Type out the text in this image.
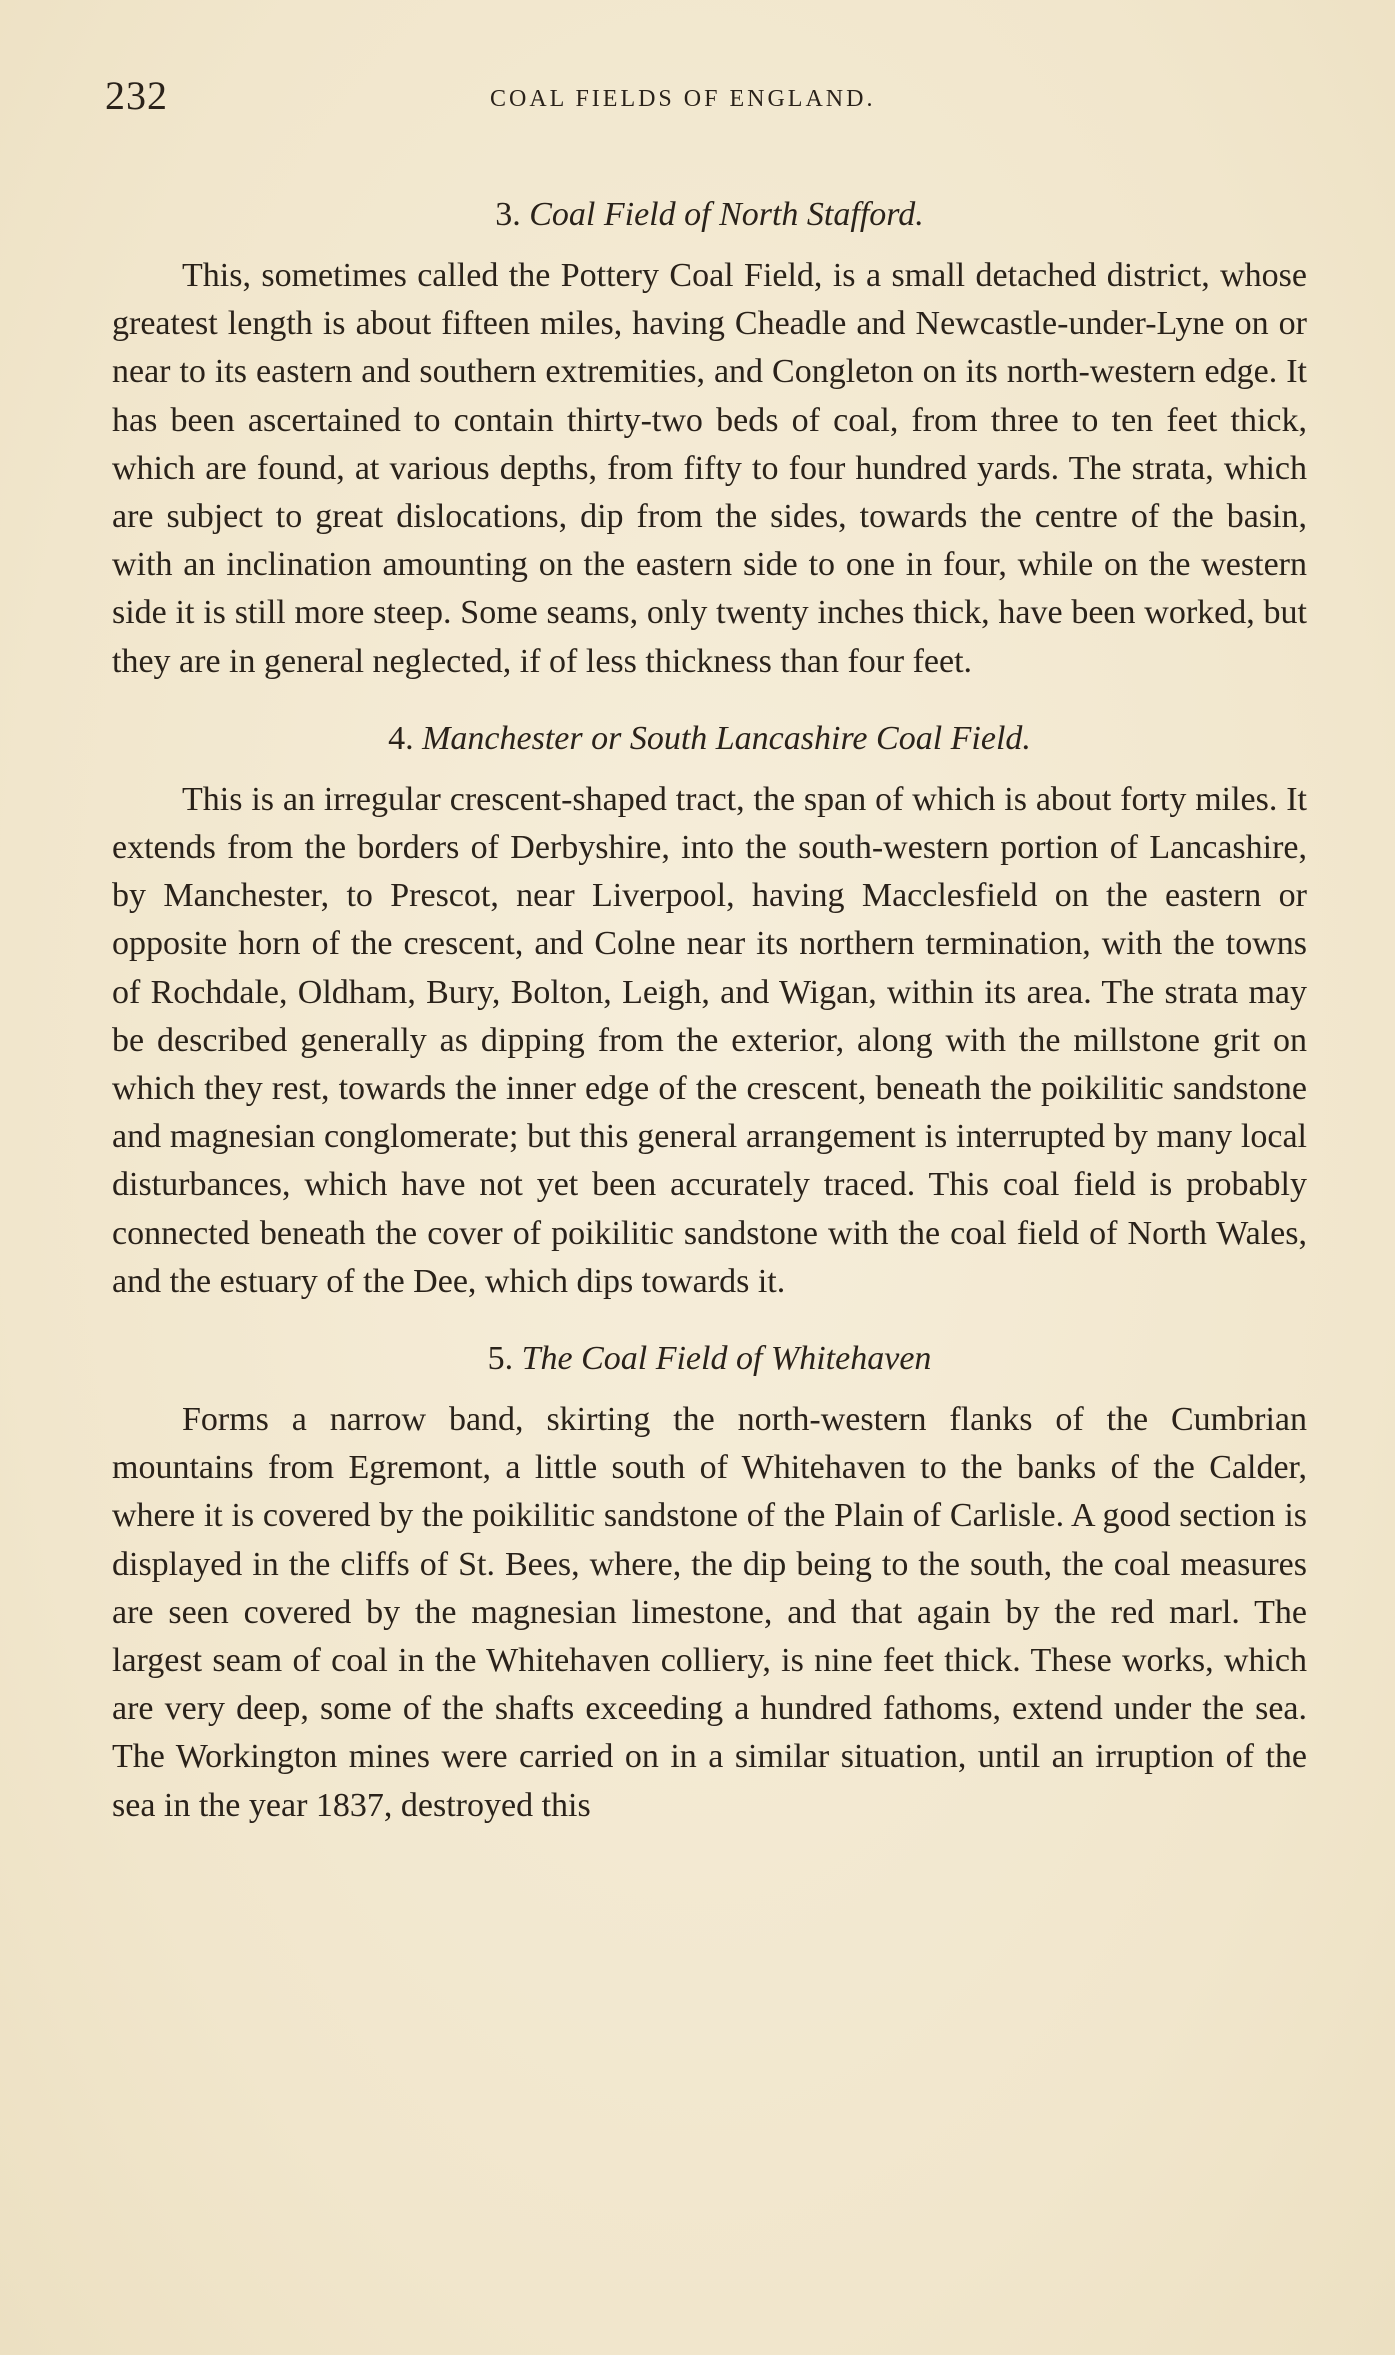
232	COAL FIELDS OF ENGLAND.
3. Coal Field of North Stafford.

This, sometimes called the Pottery Coal Field, is a small detached district, whose greatest length is about fifteen miles, having Cheadle and Newcastle-under-Lyne on or near to its eastern and southern extremities, and Congleton on its north-western edge. It has been ascertained to contain thirty-two beds of coal, from three to ten feet thick, which are found, at various depths, from fifty to four hundred yards. The strata, which are subject to great dislocations, dip from the sides, towards the centre of the basin, with an inclination amounting on the eastern side to one in four, while on the western side it is still more steep. Some seams, only twenty inches thick, have been worked, but they are in general neglected, if of less thickness than four feet.

4. Manchester or South Lancashire Coal Field.

This is an irregular crescent-shaped tract, the span of which is about forty miles. It extends from the borders of Derbyshire, into the south-western portion of Lancashire, by Manchester, to Prescot, near Liverpool, having Macclesfield on the eastern or opposite horn of the crescent, and Colne near its northern termination, with the towns of Rochdale, Oldham, Bury, Bolton, Leigh, and Wigan, within its area. The strata may be described generally as dipping from the exterior, along with the millstone grit on which they rest, towards the inner edge of the crescent, beneath the poikilitic sandstone and magnesian conglomerate; but this general arrangement is interrupted by many local disturbances, which have not yet been accurately traced. This coal field is probably connected beneath the cover of poikilitic sandstone with the coal field of North Wales, and the estuary of the Dee, which dips towards it.

5. The Coal Field of Whitehaven

Forms a narrow band, skirting the north-western flanks of the Cumbrian mountains from Egremont, a little south of Whitehaven to the banks of the Calder, where it is covered by the poikilitic sandstone of the Plain of Carlisle. A good section is displayed in the cliffs of St. Bees, where, the dip being to the south, the coal measures are seen covered by the magnesian limestone, and that again by the red marl. The largest seam of coal in the Whitehaven colliery, is nine feet thick. These works, which are very deep, some of the shafts exceeding a hundred fathoms, extend under the sea. The Workington mines were carried on in a similar situation, until an irruption of the sea in the year 1837, destroyed this
